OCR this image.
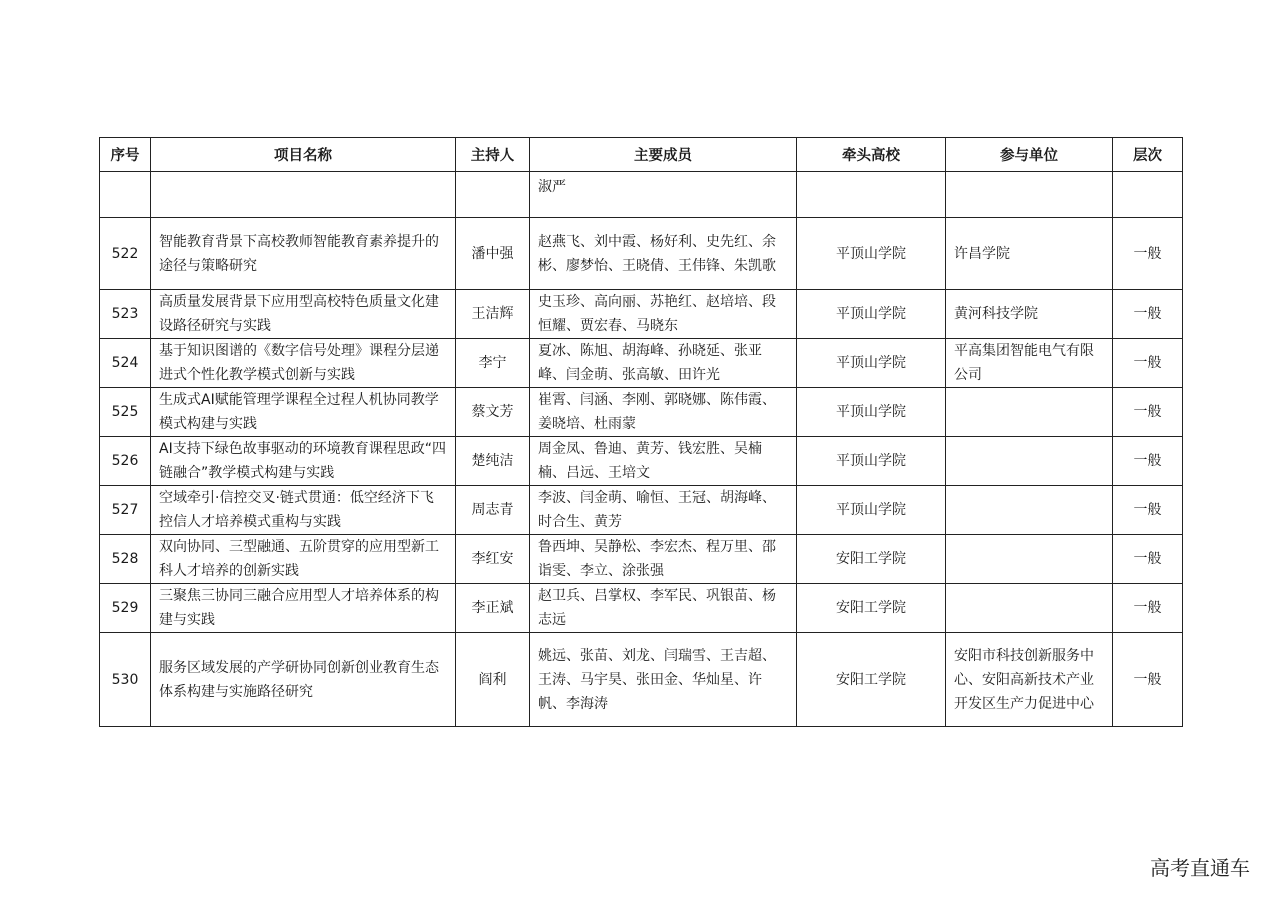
序号	项目名称	主持人	主要成员	牵头高校	参与单位	层次
			淑严			
522	智能教育背景下高校教师智能教育素养提升的途径与策略研究	潘中强	赵燕飞、刘中霞、杨好利、史先红、余彬、廖梦怡、王晓倩、王伟锋、朱凯歌	平顶山学院	许昌学院	一般
523	高质量发展背景下应用型高校特色质量文化建设路径研究与实践	王洁辉	史玉珍、高向丽、苏艳红、赵培培、段恒耀、贾宏春、马晓东	平顶山学院	黄河科技学院	一般
524	基于知识图谱的《数字信号处理》课程分层递进式个性化教学模式创新与实践	李宁	夏冰、陈旭、胡海峰、孙晓延、张亚峰、闫金萌、张高敏、田许光	平顶山学院	平高集团智能电气有限公司	一般
525	生成式AI赋能管理学课程全过程人机协同教学模式构建与实践	蔡文芳	崔霄、闫涵、李刚、郭晓娜、陈伟霞、姜晓培、杜雨蒙	平顶山学院		一般
526	AI支持下绿色故事驱动的环境教育课程思政“四链融合”教学模式构建与实践	楚纯洁	周金凤、鲁迪、黄芳、钱宏胜、吴楠楠、吕远、王培文	平顶山学院		一般
527	空域牵引·信控交叉·链式贯通：低空经济下飞控信人才培养模式重构与实践	周志青	李波、闫金萌、喻恒、王冠、胡海峰、时合生、黄芳	平顶山学院		一般
528	双向协同、三型融通、五阶贯穿的应用型新工科人才培养的创新实践	李红安	鲁西坤、吴静松、李宏杰、程万里、邵诣雯、李立、涂张强	安阳工学院		一般
529	三聚焦三协同三融合应用型人才培养体系的构建与实践	李正斌	赵卫兵、吕掌权、李军民、巩银苗、杨志远	安阳工学院		一般
530	服务区域发展的产学研协同创新创业教育生态体系构建与实施路径研究	阎利	姚远、张苗、刘龙、闫瑞雪、王吉超、王涛、马宇昊、张田金、华灿星、许帆、李海涛	安阳工学院	安阳市科技创新服务中心、安阳高新技术产业开发区生产力促进中心	一般
高考直通车
